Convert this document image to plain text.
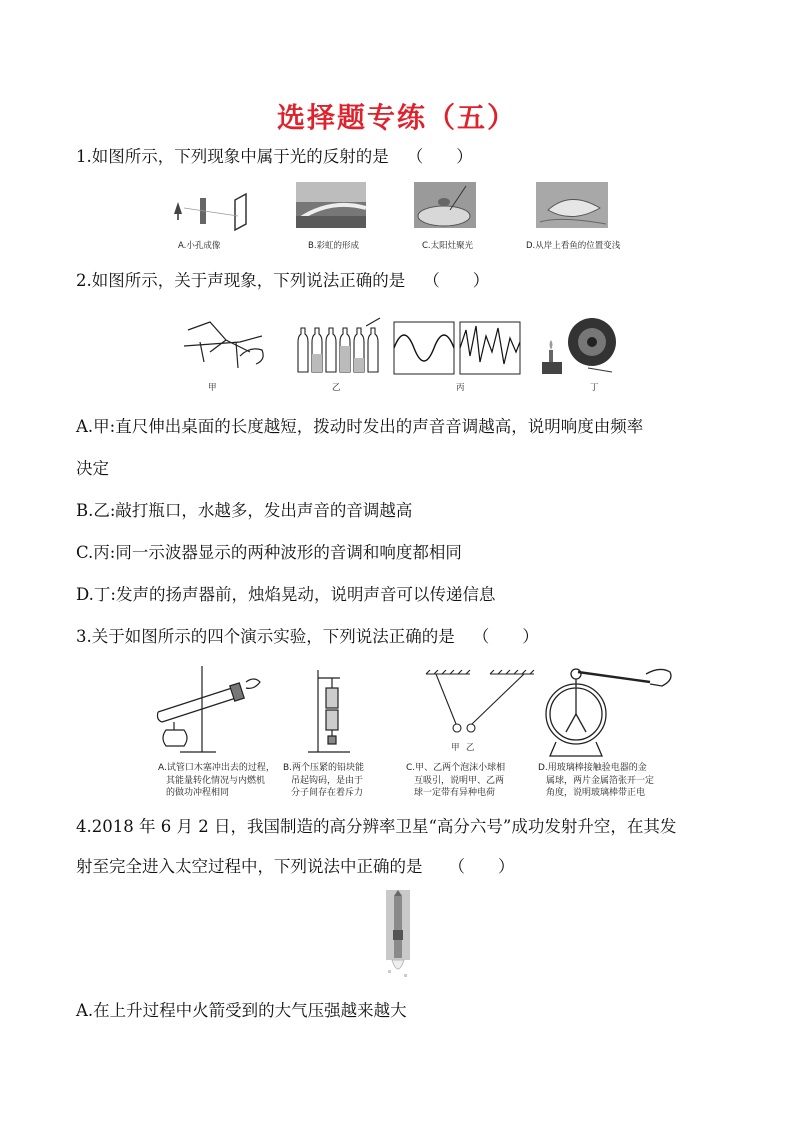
选择题专练（五）
1.如图所示，下列现象中属于光的反射的是 （　　）
A.小孔成像	B.彩虹的形成	C.太阳灶聚光	D.从岸上看鱼的位置变浅
2.如图所示，关于声现象，下列说法正确的是 （　　）
甲	乙	丙	丁
A.甲:直尺伸出桌面的长度越短，拨动时发出的声音音调越高，说明响度由频率
决定
B.乙:敲打瓶口，水越多，发出声音的音调越高
C.丙:同一示波器显示的两种波形的音调和响度都相同
D.丁:发声的扬声器前，烛焰晃动，说明声音可以传递信息
3.关于如图所示的四个演示实验，下列说法正确的是 （　　）
甲 乙
A.试管口木塞冲出去的过程，
其能量转化情况与内燃机
的做功冲程相同
B.两个压紧的铅块能
吊起钩码，是由于
分子间存在着斥力
C.甲、乙两个泡沫小球相
互吸引，说明甲、乙两
球一定带有异种电荷
D.用玻璃棒接触验电器的金
属球，两片金属箔张开一定
角度，说明玻璃棒带正电
4.2018 年 6 月 2 日，我国制造的高分辨率卫星“高分六号”成功发射升空，在其发
射至完全进入太空过程中，下列说法中正确的是 （　　）
A.在上升过程中火箭受到的大气压强越来越大
